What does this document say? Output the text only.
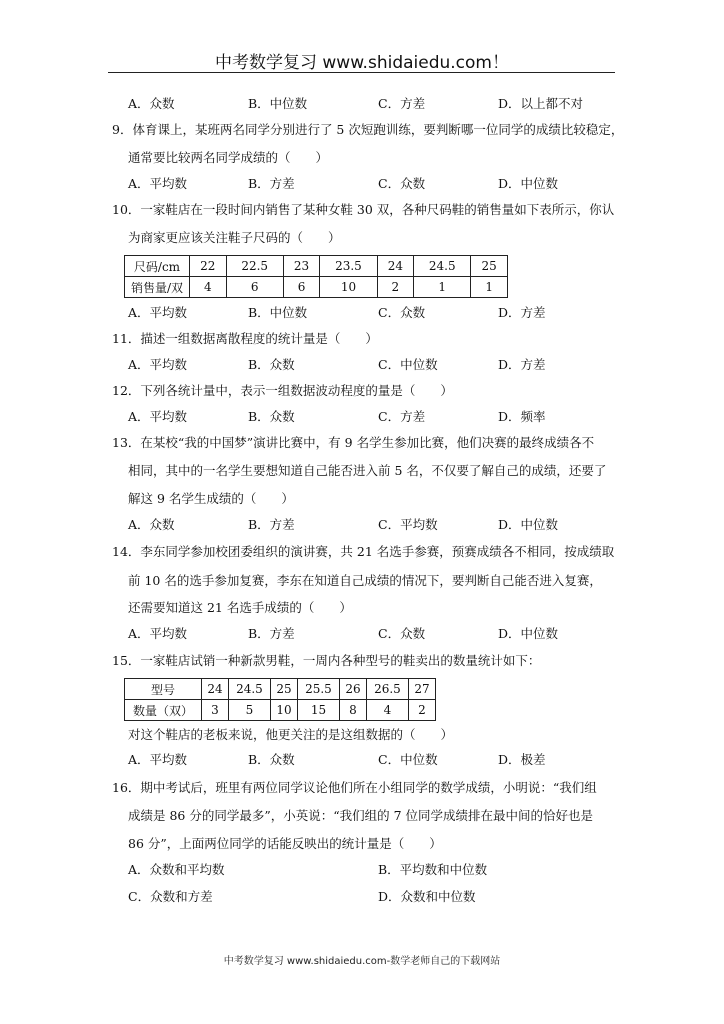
中考数学复习 www.shidaiedu.com！
A．众数	B．中位数	C．方差	D．以上都不对
9．体育课上，某班两名同学分别进行了 5 次短跑训练，要判断哪一位同学的成绩比较稳定，
通常要比较两名同学成绩的（　　）
A．平均数	B．方差	C．众数	D．中位数
10．一家鞋店在一段时间内销售了某种女鞋 30 双，各种尺码鞋的销售量如下表所示，你认
为商家更应该关注鞋子尺码的（　　）
尺码/cm	22	22.5	23	23.5	24	24.5	25
销售量/双	4	6	6	10	2	1	1
A．平均数	B．中位数	C．众数	D．方差
11．描述一组数据离散程度的统计量是（　　）
A．平均数	B．众数	C．中位数	D．方差
12．下列各统计量中，表示一组数据波动程度的量是（　　）
A．平均数	B．众数	C．方差	D．频率
13．在某校“我的中国梦”演讲比赛中，有 9 名学生参加比赛，他们决赛的最终成绩各不
相同，其中的一名学生要想知道自己能否进入前 5 名，不仅要了解自己的成绩，还要了
解这 9 名学生成绩的（　　）
A．众数	B．方差	C．平均数	D．中位数
14．李东同学参加校团委组织的演讲赛，共 21 名选手参赛，预赛成绩各不相同，按成绩取
前 10 名的选手参加复赛，李东在知道自己成绩的情况下，要判断自己能否进入复赛，
还需要知道这 21 名选手成绩的（　　）
A．平均数	B．方差	C．众数	D．中位数
15．一家鞋店试销一种新款男鞋，一周内各种型号的鞋卖出的数量统计如下：
型号	24	24.5	25	25.5	26	26.5	27
数量（双）	3	5	10	15	8	4	2
对这个鞋店的老板来说，他更关注的是这组数据的（　　）
A．平均数	B．众数	C．中位数	D．极差
16．期中考试后，班里有两位同学议论他们所在小组同学的数学成绩，小明说：“我们组
成绩是 86 分的同学最多”，小英说：“我们组的 7 位同学成绩排在最中间的恰好也是
86 分”，上面两位同学的话能反映出的统计量是（　　）
A．众数和平均数	B．平均数和中位数
C．众数和方差	D．众数和中位数
中考数学复习 www.shidaiedu.com-数学老师自己的下载网站
